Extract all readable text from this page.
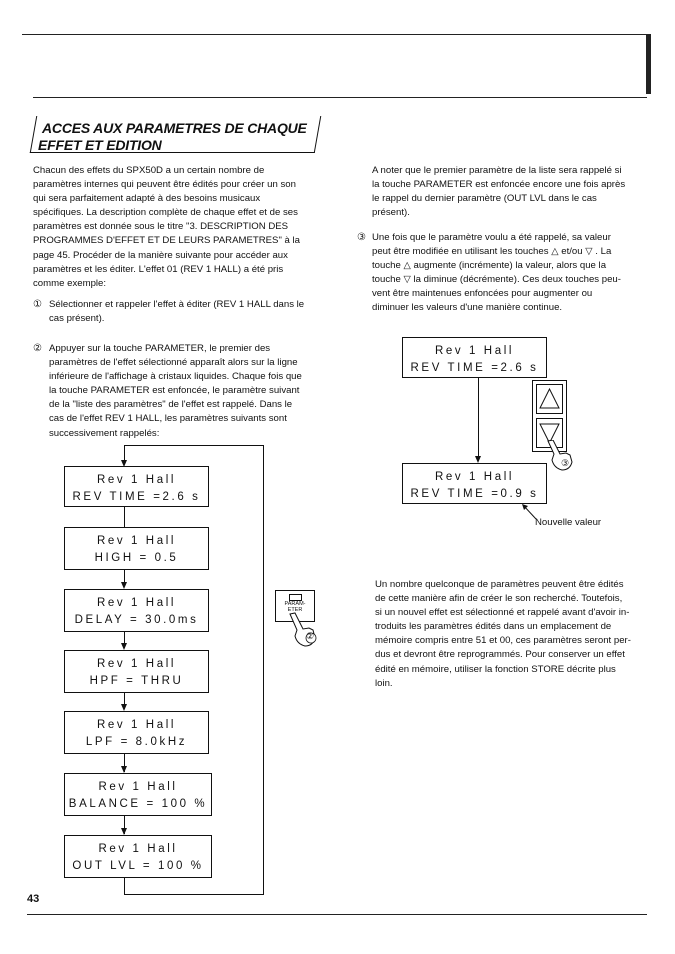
ACCES AUX PARAMETRES DE CHAQUE
EFFET ET EDITION
Chacun des effets du SPX50D a un certain nombre de
paramètres internes qui peuvent être édités pour créer un son
qui sera parfaitement adapté à des besoins musicaux
spécifiques. La description complète de chaque effet et de ses
paramètres est donnée sous le titre "3. DESCRIPTION DES
PROGRAMMES D'EFFET ET DE LEURS PARAMETRES" à la
page 45. Procéder de la manière suivante pour accéder aux
paramètres et les éditer. L'effet 01 (REV 1 HALL) a été pris
comme exemple:
① Sélectionner et rappeler l'effet à éditer (REV 1 HALL dans le
cas présent).
② Appuyer sur la touche PARAMETER, le premier des
paramètres de l'effet sélectionné apparaît alors sur la ligne
inférieure de l'affichage à cristaux liquides. Chaque fois que
la touche PARAMETER est enfoncée, le paramètre suivant
de la "liste des paramètres" de l'effet est rappelé. Dans le
cas de l'effet REV 1 HALL, les paramètres suivants sont
successivement rappelés:
Rev 1 Hall
REV TIME =2.6 s
Rev 1 Hall
HIGH = 0.5
Rev 1 Hall
DELAY = 30.0ms
Rev 1 Hall
HPF = THRU
Rev 1 Hall
LPF = 8.0kHz
Rev 1 Hall
BALANCE = 100 %
Rev 1 Hall
OUT LVL = 100 %
PARAM-
ETER
②
A noter que le premier paramètre de la liste sera rappelé si
la touche PARAMETER est enfoncée encore une fois après
le rappel du dernier paramètre (OUT LVL dans le cas
présent).
③ Une fois que le paramètre voulu a été rappelé, sa valeur
peut être modifiée en utilisant les touches △ et/ou ▽ . La
touche △ augmente (incrémente) la valeur, alors que la
touche ▽ la diminue (décrémente). Ces deux touches peu-
vent être maintenues enfoncées pour augmenter ou
diminuer les valeurs d'une manière continue.
Rev 1 Hall
REV TIME =2.6 s
③
Rev 1 Hall
REV TIME =0.9 s
Nouvelle valeur
Un nombre quelconque de paramètres peuvent être édités
de cette manière afin de créer le son recherché. Toutefois,
si un nouvel effet est sélectionné et rappelé avant d'avoir in-
troduits les paramètres édités dans un emplacement de
mémoire compris entre 51 et 00, ces paramètres seront per-
dus et devront être reprogrammés. Pour conserver un effet
édité en mémoire, utiliser la fonction STORE décrite plus
loin.
43
